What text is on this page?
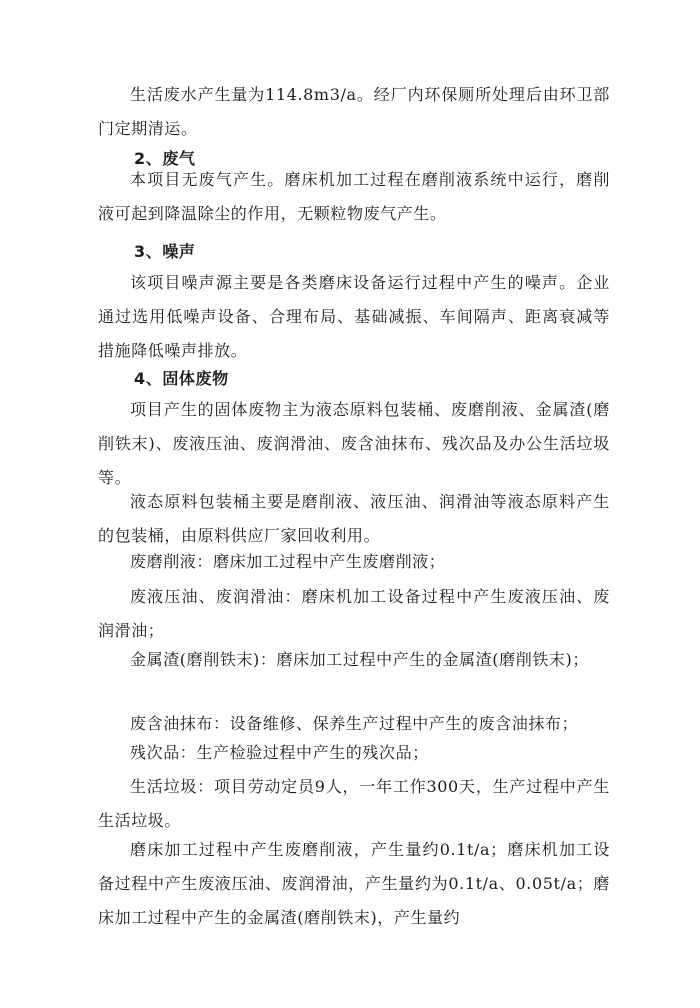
生活废水产生量为114.8m3/a。经厂内环保厕所处理后由环卫部门定期清运。

2、废气

本项目无废气产生。磨床机加工过程在磨削液系统中运行，磨削液可起到降温除尘的作用，无颗粒物废气产生。

3、噪声

该项目噪声源主要是各类磨床设备运行过程中产生的噪声。企业通过选用低噪声设备、合理布局、基础减振、车间隔声、距离衰减等措施降低噪声排放。

4、固体废物

项目产生的固体废物主为液态原料包装桶、废磨削液、金属渣(磨削铁末)、废液压油、废润滑油、废含油抹布、残次品及办公生活垃圾等。

液态原料包装桶主要是磨削液、液压油、润滑油等液态原料产生的包装桶，由原料供应厂家回收利用。

废磨削液：磨床加工过程中产生废磨削液；

废液压油、废润滑油：磨床机加工设备过程中产生废液压油、废润滑油；

金属渣(磨削铁末)：磨床加工过程中产生的金属渣(磨削铁末)；

废含油抹布：设备维修、保养生产过程中产生的废含油抹布；

残次品：生产检验过程中产生的残次品；

生活垃圾：项目劳动定员9人，一年工作300天，生产过程中产生生活垃圾。

磨床加工过程中产生废磨削液，产生量约0.1t/a；磨床机加工设备过程中产生废液压油、废润滑油，产生量约为0.1t/a、0.05t/a；磨床加工过程中产生的金属渣(磨削铁末)，产生量约
